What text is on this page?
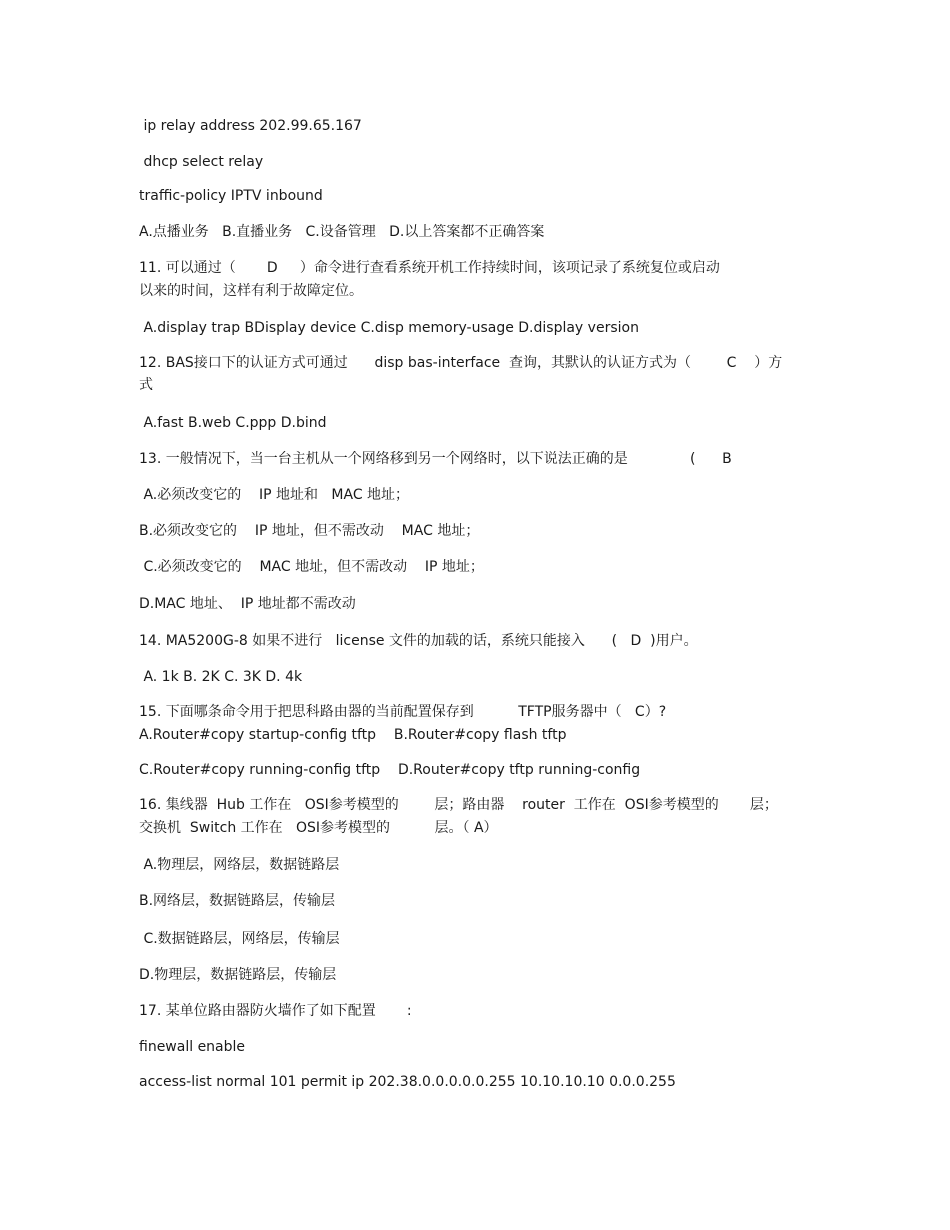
ip relay address 202.99.65.167

dhcp select relay

traffic-policy IPTV inbound

A.点播业务   B.直播业务   C.设备管理   D.以上答案都不正确答案

11. 可以通过（       D     ）命令进行查看系统开机工作持续时间，该项记录了系统复位或启动

以来的时间，这样有利于故障定位。

A.display trap BDisplay device C.disp memory-usage D.display version

12. BAS接口下的认证方式可通过      disp bas-interface  查询，其默认的认证方式为（        C    ）方

式

A.fast B.web C.ppp D.bind

13. 一般情况下，当一台主机从一个网络移到另一个网络时，以下说法正确的是              (      B

A.必须改变它的    IP 地址和   MAC 地址；

B.必须改变它的    IP 地址，但不需改动    MAC 地址；

C.必须改变它的    MAC 地址，但不需改动    IP 地址；

D.MAC 地址、  IP 地址都不需改动

14. MA5200G-8 如果不进行   license 文件的加载的话，系统只能接入      (   D  )用户。

A. 1k B. 2K C. 3K D. 4k

15. 下面哪条命令用于把思科路由器的当前配置保存到          TFTP服务器中（   C）?

A.Router#copy startup-config tftp    B.Router#copy flash tftp

C.Router#copy running-config tftp    D.Router#copy tftp running-config

16. 集线器  Hub 工作在   OSI参考模型的        层；路由器    router  工作在  OSI参考模型的       层；

交换机  Switch 工作在   OSI参考模型的          层。（ A）

A.物理层，网络层，数据链路层

B.网络层，数据链路层，传输层

C.数据链路层，网络层，传输层

D.物理层，数据链路层，传输层

17. 某单位路由器防火墙作了如下配置       :

finewall enable

access-list normal 101 permit ip 202.38.0.0.0.0.0.255 10.10.10.10 0.0.0.255
